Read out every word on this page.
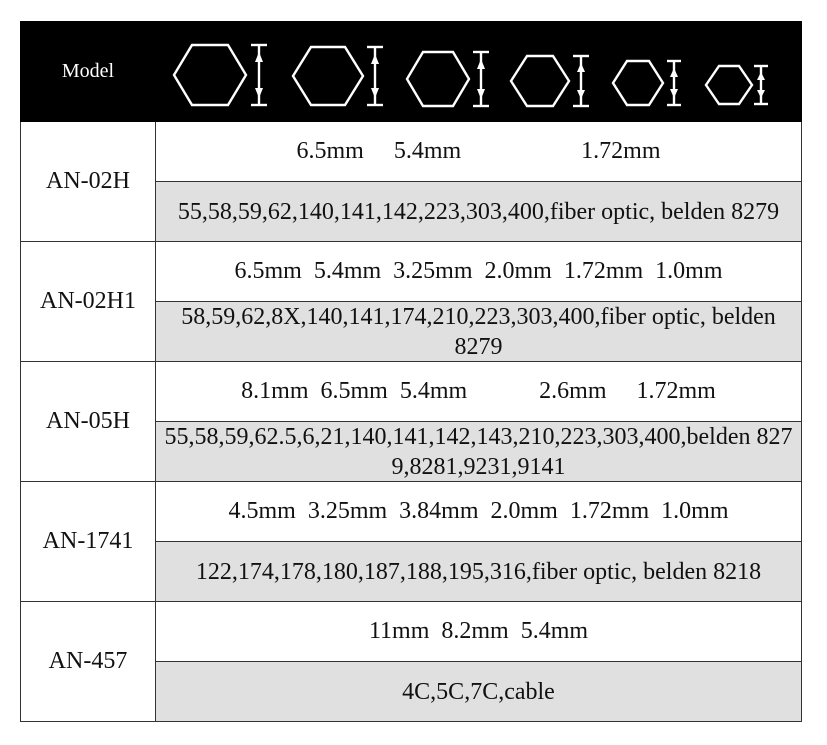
Model
AN-02H
6.5mm     5.4mm                    1.72mm
55,58,59,62,140,141,142,223,303,400,fiber optic, belden 8279
AN-02H1
6.5mm  5.4mm  3.25mm  2.0mm  1.72mm  1.0mm
58,59,62,8X,140,141,174,210,223,303,400,fiber optic, belden 8279
AN-05H
8.1mm  6.5mm  5.4mm            2.6mm     1.72mm
55,58,59,62.5,6,21,140,141,142,143,210,223,303,400,belden 8279,8281,9231,9141
AN-1741
4.5mm  3.25mm  3.84mm  2.0mm  1.72mm  1.0mm
122,174,178,180,187,188,195,316,fiber optic, belden 8218
AN-457
11mm  8.2mm  5.4mm
4C,5C,7C,cable
